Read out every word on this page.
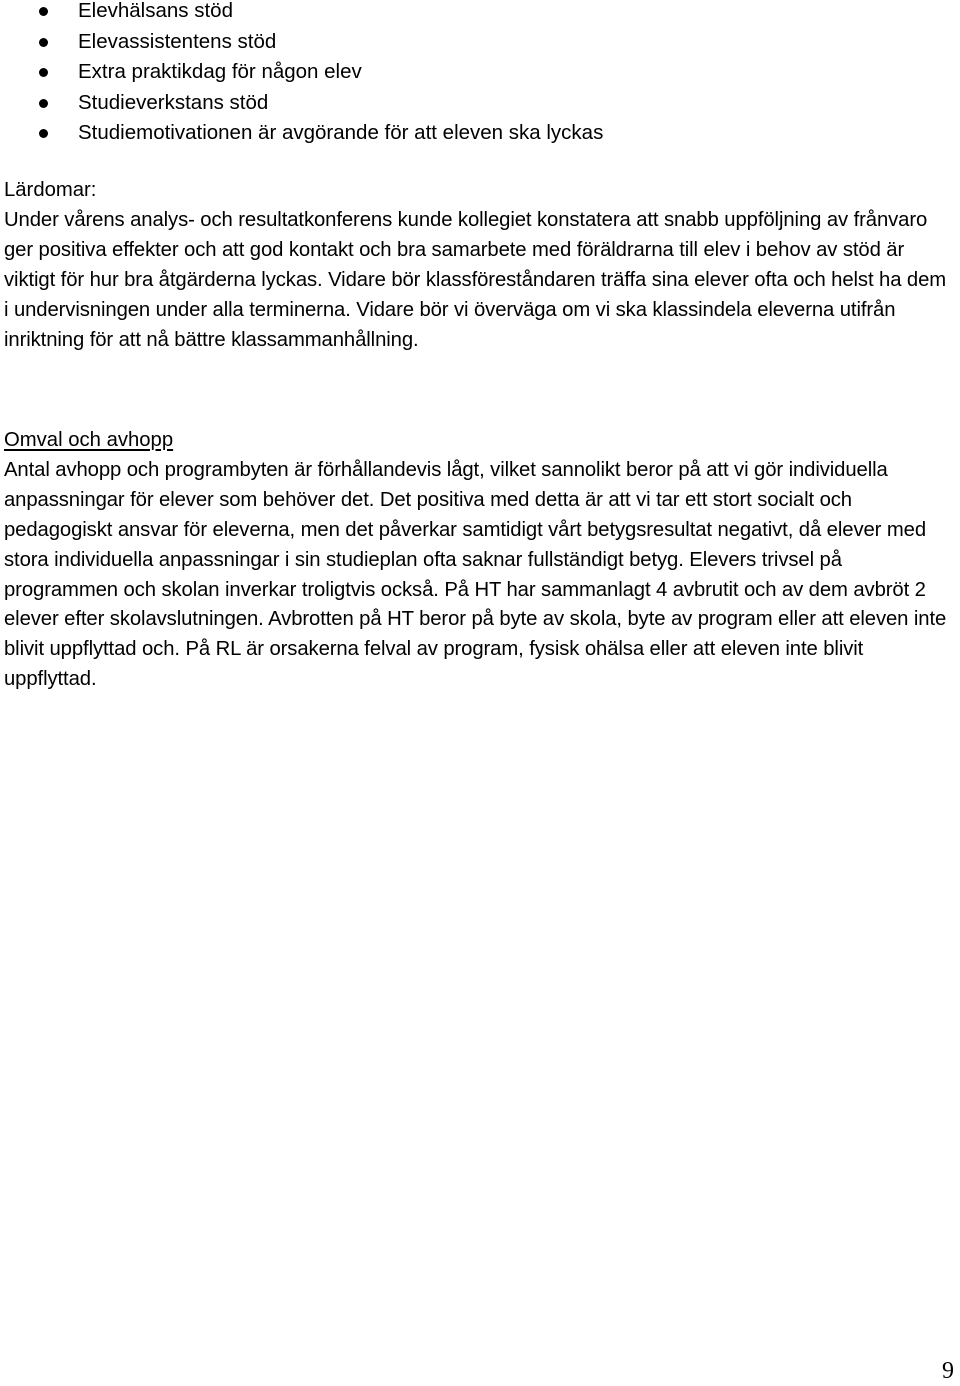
Elevhälsans stöd
Elevassistentens stöd
Extra praktikdag för någon elev
Studieverkstans stöd
Studiemotivationen är avgörande för att eleven ska lyckas
Lärdomar:

Under vårens analys- och resultatkonferens kunde kollegiet konstatera att snabb uppföljning av frånvaro ger positiva effekter och att god kontakt och bra samarbete med föräldrarna till elev i behov av stöd är viktigt för hur bra åtgärderna lyckas. Vidare bör klassföreståndaren träffa sina elever ofta och helst ha dem i undervisningen under alla terminerna. Vidare bör vi överväga om vi ska klassindela eleverna utifrån inriktning för att nå bättre klassammanhållning.

Omval och avhopp

Antal avhopp och programbyten är förhållandevis lågt, vilket sannolikt beror på att vi gör individuella anpassningar för elever som behöver det. Det positiva med detta är att vi tar ett stort socialt och pedagogiskt ansvar för eleverna, men det påverkar samtidigt vårt betygsresultat negativt, då elever med stora individuella anpassningar i sin studieplan ofta saknar fullständigt betyg. Elevers trivsel på programmen och skolan inverkar troligtvis också. På HT har sammanlagt 4 avbrutit och av dem avbröt 2 elever efter skolavslutningen. Avbrotten på HT beror på byte av skola, byte av program eller att eleven inte blivit uppflyttad och. På RL är orsakerna felval av program, fysisk ohälsa eller att eleven inte blivit uppflyttad.

9
